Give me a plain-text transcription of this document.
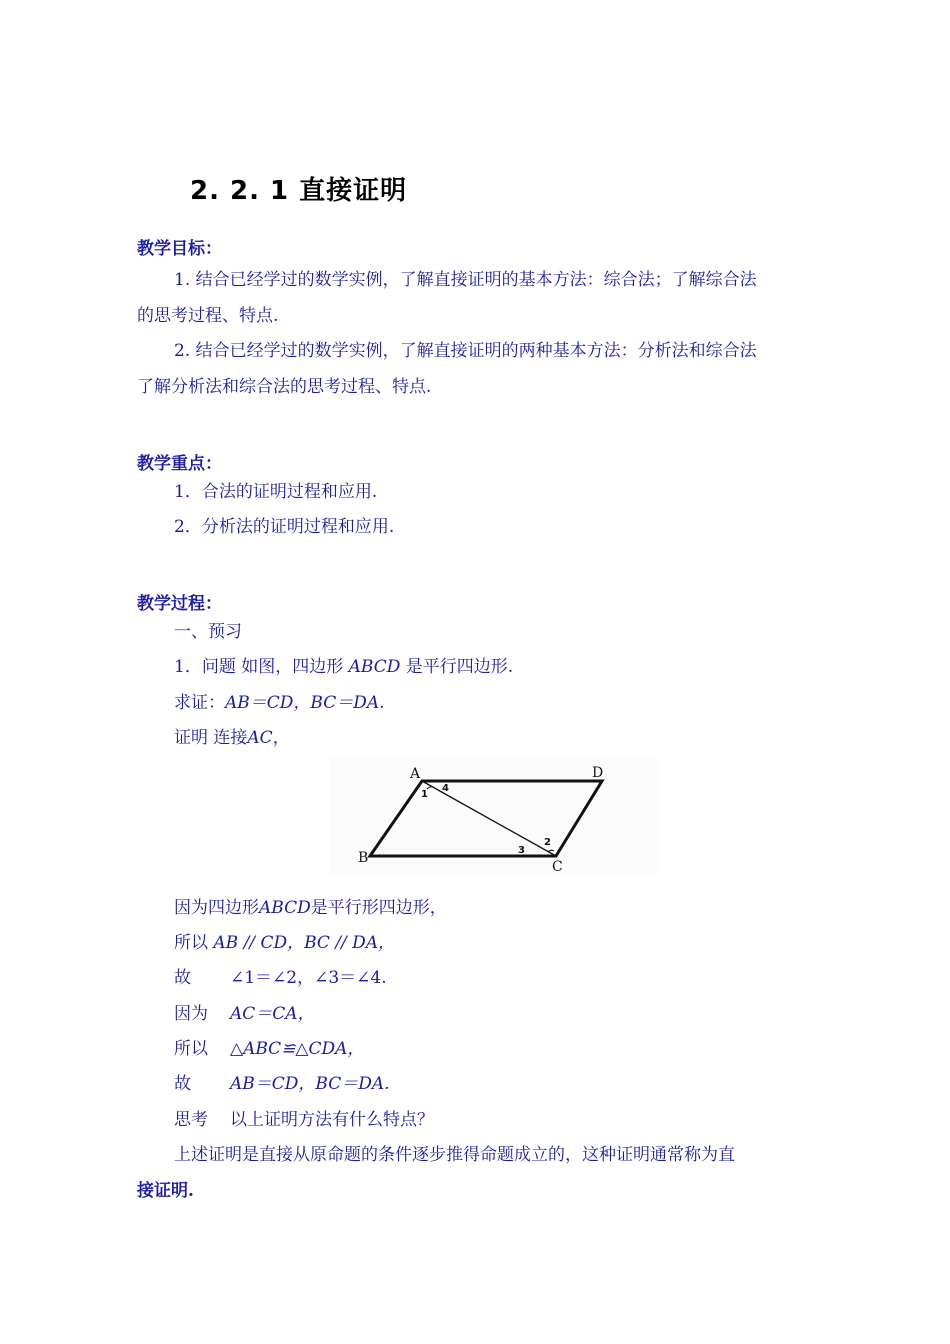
2. 2. 1 直接证明
教学目标：
1. 结合已经学过的数学实例，了解直接证明的基本方法：综合法；了解综合法
的思考过程、特点.
2. 结合已经学过的数学实例，了解直接证明的两种基本方法：分析法和综合法
了解分析法和综合法的思考过程、特点.
教学重点：
1．合法的证明过程和应用.
2．分析法的证明过程和应用.
教学过程：
一、预习
1．问题 如图，四边形 ABCD 是平行四边形.
求证：AB＝CD，BC＝DA.
证明 连接AC，
A	D
B
C
1
4
3
2
因为四边形ABCD是平行形四边形，
所以 AB // CD，BC // DA，
故 ∠1＝∠2，∠3＝∠4.
因为 AC＝CA，
所以 △ABC≌△CDA，
故 AB＝CD，BC＝DA.
思考 以上证明方法有什么特点？
上述证明是直接从原命题的条件逐步推得命题成立的，这种证明通常称为直
接证明.
